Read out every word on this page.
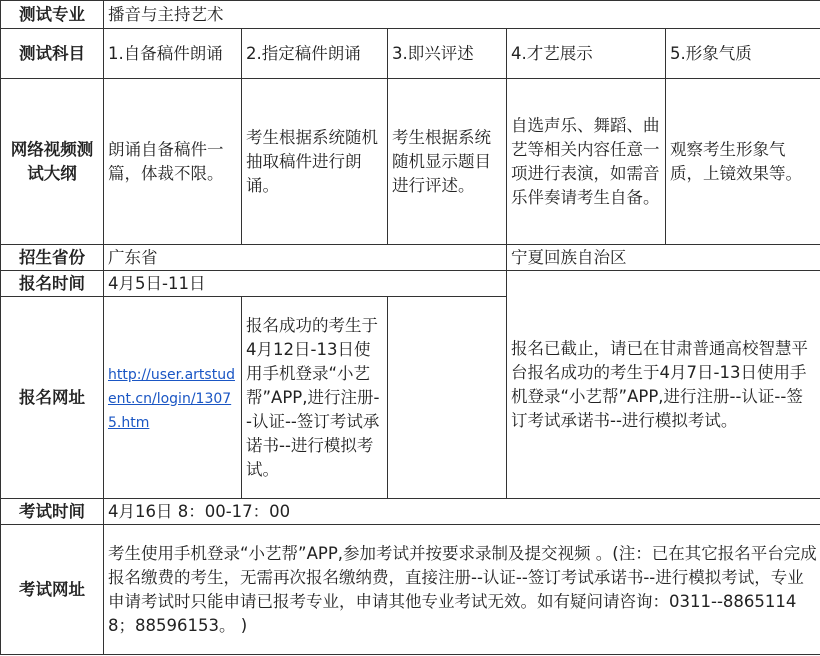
测试专业	播音与主持艺术				
测试科目	1.自备稿件朗诵	2.指定稿件朗诵	3.即兴评述	4.才艺展示	5.形象气质
网络视频测试大纲	朗诵自备稿件一篇，体裁不限。	考生根据系统随机抽取稿件进行朗诵。	考生根据系统随机显示题目进行评述。	自选声乐、舞蹈、曲艺等相关内容任意一项进行表演，如需音乐伴奏请考生自备。	观察考生形象气质，上镜效果等。
招生省份	广东省			宁夏回族自治区	
报名时间	4月5日-11日			报名已截止，请已在甘肃普通高校智慧平台报名成功的考生于4月7日-13日使用手机登录“小艺帮”APP,进行注册--认证--签订考试承诺书--进行模拟考试。	
报名网址	http://user.artstudent.cn/login/13075.htm	报名成功的考生于4月12日-13日使用手机登录“小艺帮”APP,进行注册--认证--签订考试承诺书--进行模拟考试。			
考试时间	4月16日 8：00-17：00				
考试网址	考生使用手机登录“小艺帮”APP,参加考试并按要求录制及提交视频 。(注：已在其它报名平台完成报名缴费的考生，无需再次报名缴纳费，直接注册--认证--签订考试承诺书--进行模拟考试，专业申请考试时只能申请已报考专业，申请其他专业考试无效。如有疑问请咨询：0311--88651148；88596153。 )				
